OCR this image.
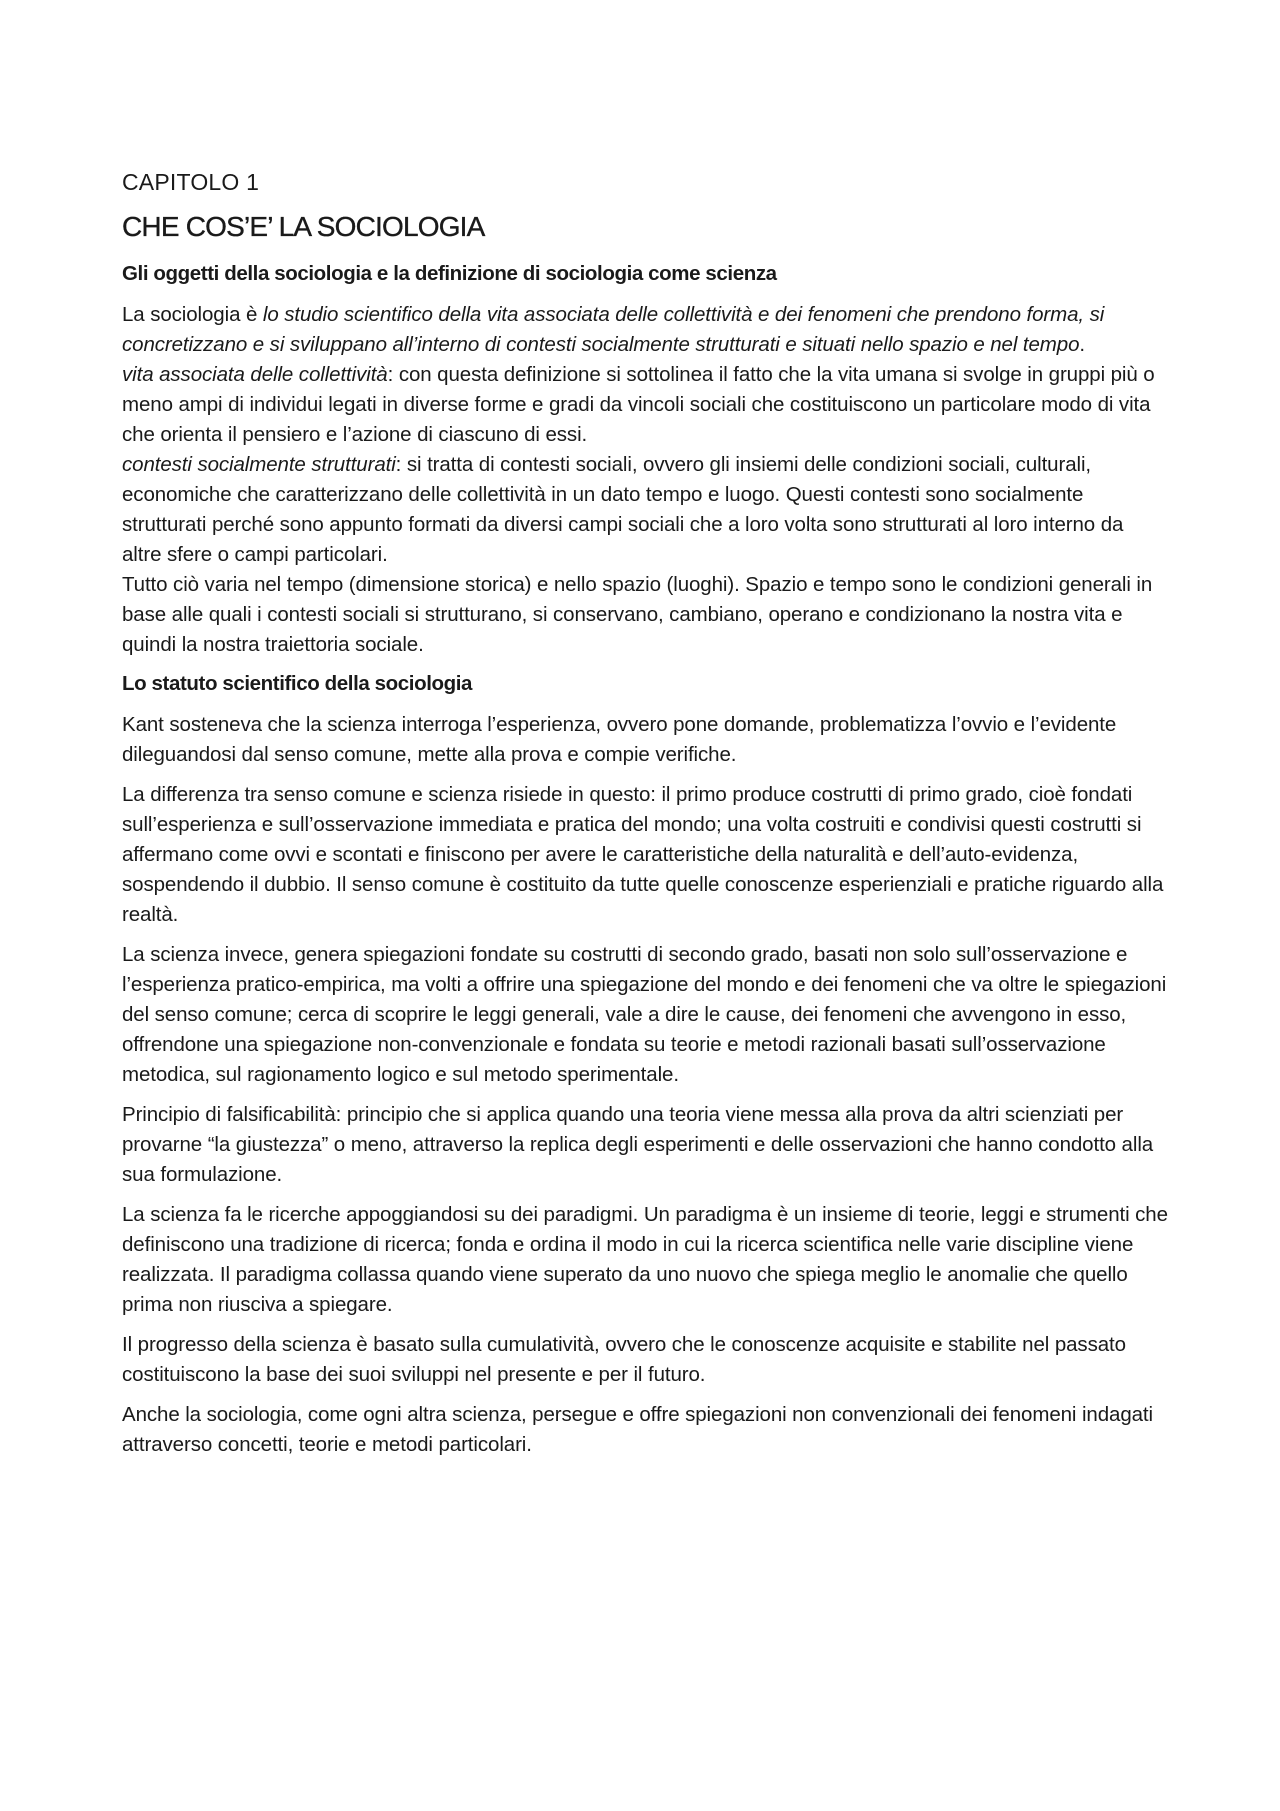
CAPITOLO 1
CHE COS’E’ LA SOCIOLOGIA
Gli oggetti della sociologia e la definizione di sociologia come scienza

La sociologia è lo studio scientifico della vita associata delle collettività e dei fenomeni che prendono forma, si concretizzano e si sviluppano all’interno di contesti socialmente strutturati e situati nello spazio e nel tempo.

vita associata delle collettività: con questa definizione si sottolinea il fatto che la vita umana si svolge in gruppi più o meno ampi di individui legati in diverse forme e gradi da vincoli sociali che costituiscono un particolare modo di vita che orienta il pensiero e l’azione di ciascuno di essi.

contesti socialmente strutturati: si tratta di contesti sociali, ovvero gli insiemi delle condizioni sociali, culturali, economiche che caratterizzano delle collettività in un dato tempo e luogo. Questi contesti sono socialmente strutturati perché sono appunto formati da diversi campi sociali che a loro volta sono strutturati al loro interno da altre sfere o campi particolari.

Tutto ciò varia nel tempo (dimensione storica) e nello spazio (luoghi). Spazio e tempo sono le condizioni generali in base alle quali i contesti sociali si strutturano, si conservano, cambiano, operano e condizionano la nostra vita e quindi la nostra traiettoria sociale.

Lo statuto scientifico della sociologia

Kant sosteneva che la scienza interroga l’esperienza, ovvero pone domande, problematizza l’ovvio e l’evidente dileguandosi dal senso comune, mette alla prova e compie verifiche.

La differenza tra senso comune e scienza risiede in questo: il primo produce costrutti di primo grado, cioè fondati sull’esperienza e sull’osservazione immediata e pratica del mondo; una volta costruiti e condivisi questi costrutti si affermano come ovvi e scontati e finiscono per avere le caratteristiche della naturalità e dell’auto-evidenza, sospendendo il dubbio. Il senso comune è costituito da tutte quelle conoscenze esperienziali e pratiche riguardo alla realtà.

La scienza invece, genera spiegazioni fondate su costrutti di secondo grado, basati non solo sull’osservazione e l’esperienza pratico-empirica, ma volti a offrire una spiegazione del mondo e dei fenomeni che va oltre le spiegazioni del senso comune; cerca di scoprire le leggi generali, vale a dire le cause, dei fenomeni che avvengono in esso, offrendone una spiegazione non-convenzionale e fondata su teorie e metodi razionali basati sull’osservazione metodica, sul ragionamento logico e sul metodo sperimentale.

Principio di falsificabilità: principio che si applica quando una teoria viene messa alla prova da altri scienziati per provarne “la giustezza” o meno, attraverso la replica degli esperimenti e delle osservazioni che hanno condotto alla sua formulazione.

La scienza fa le ricerche appoggiandosi su dei paradigmi. Un paradigma è un insieme di teorie, leggi e strumenti che definiscono una tradizione di ricerca; fonda e ordina il modo in cui la ricerca scientifica nelle varie discipline viene realizzata. Il paradigma collassa quando viene superato da uno nuovo che spiega meglio le anomalie che quello prima non riusciva a spiegare.

Il progresso della scienza è basato sulla cumulatività, ovvero che le conoscenze acquisite e stabilite nel passato costituiscono la base dei suoi sviluppi nel presente e per il futuro.

Anche la sociologia, come ogni altra scienza, persegue e offre spiegazioni non convenzionali dei fenomeni indagati attraverso concetti, teorie e metodi particolari.
